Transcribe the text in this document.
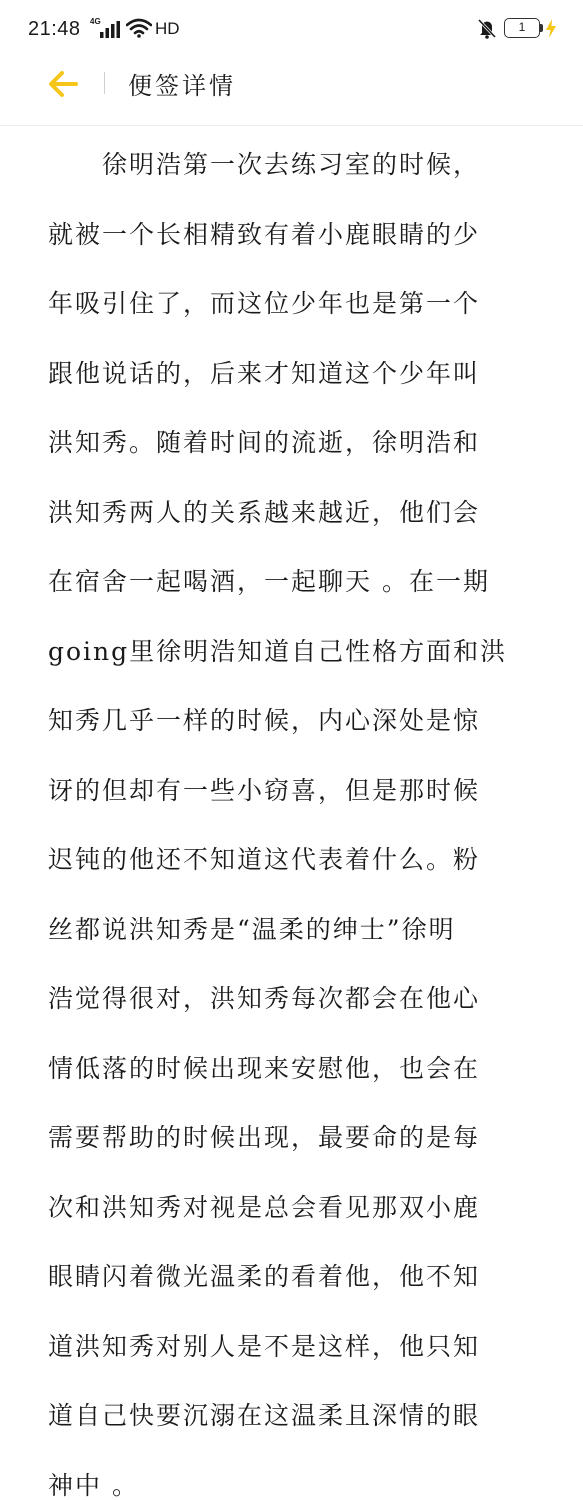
21:48 4G	HD	1
便签详情
　　徐明浩第一次去练习室的时候，
就被一个长相精致有着小鹿眼睛的少
年吸引住了，而这位少年也是第一个
跟他说话的，后来才知道这个少年叫
洪知秀。随着时间的流逝，徐明浩和
洪知秀两人的关系越来越近，他们会
在宿舍一起喝酒，一起聊天 。在一期
going里徐明浩知道自己性格方面和洪
知秀几乎一样的时候，内心深处是惊
讶的但却有一些小窃喜，但是那时候
迟钝的他还不知道这代表着什么。粉
丝都说洪知秀是“温柔的绅士”徐明
浩觉得很对，洪知秀每次都会在他心
情低落的时候出现来安慰他，也会在
需要帮助的时候出现，最要命的是每
次和洪知秀对视是总会看见那双小鹿
眼睛闪着微光温柔的看着他，他不知
道洪知秀对别人是不是这样，他只知
道自己快要沉溺在这温柔且深情的眼
神中 。
